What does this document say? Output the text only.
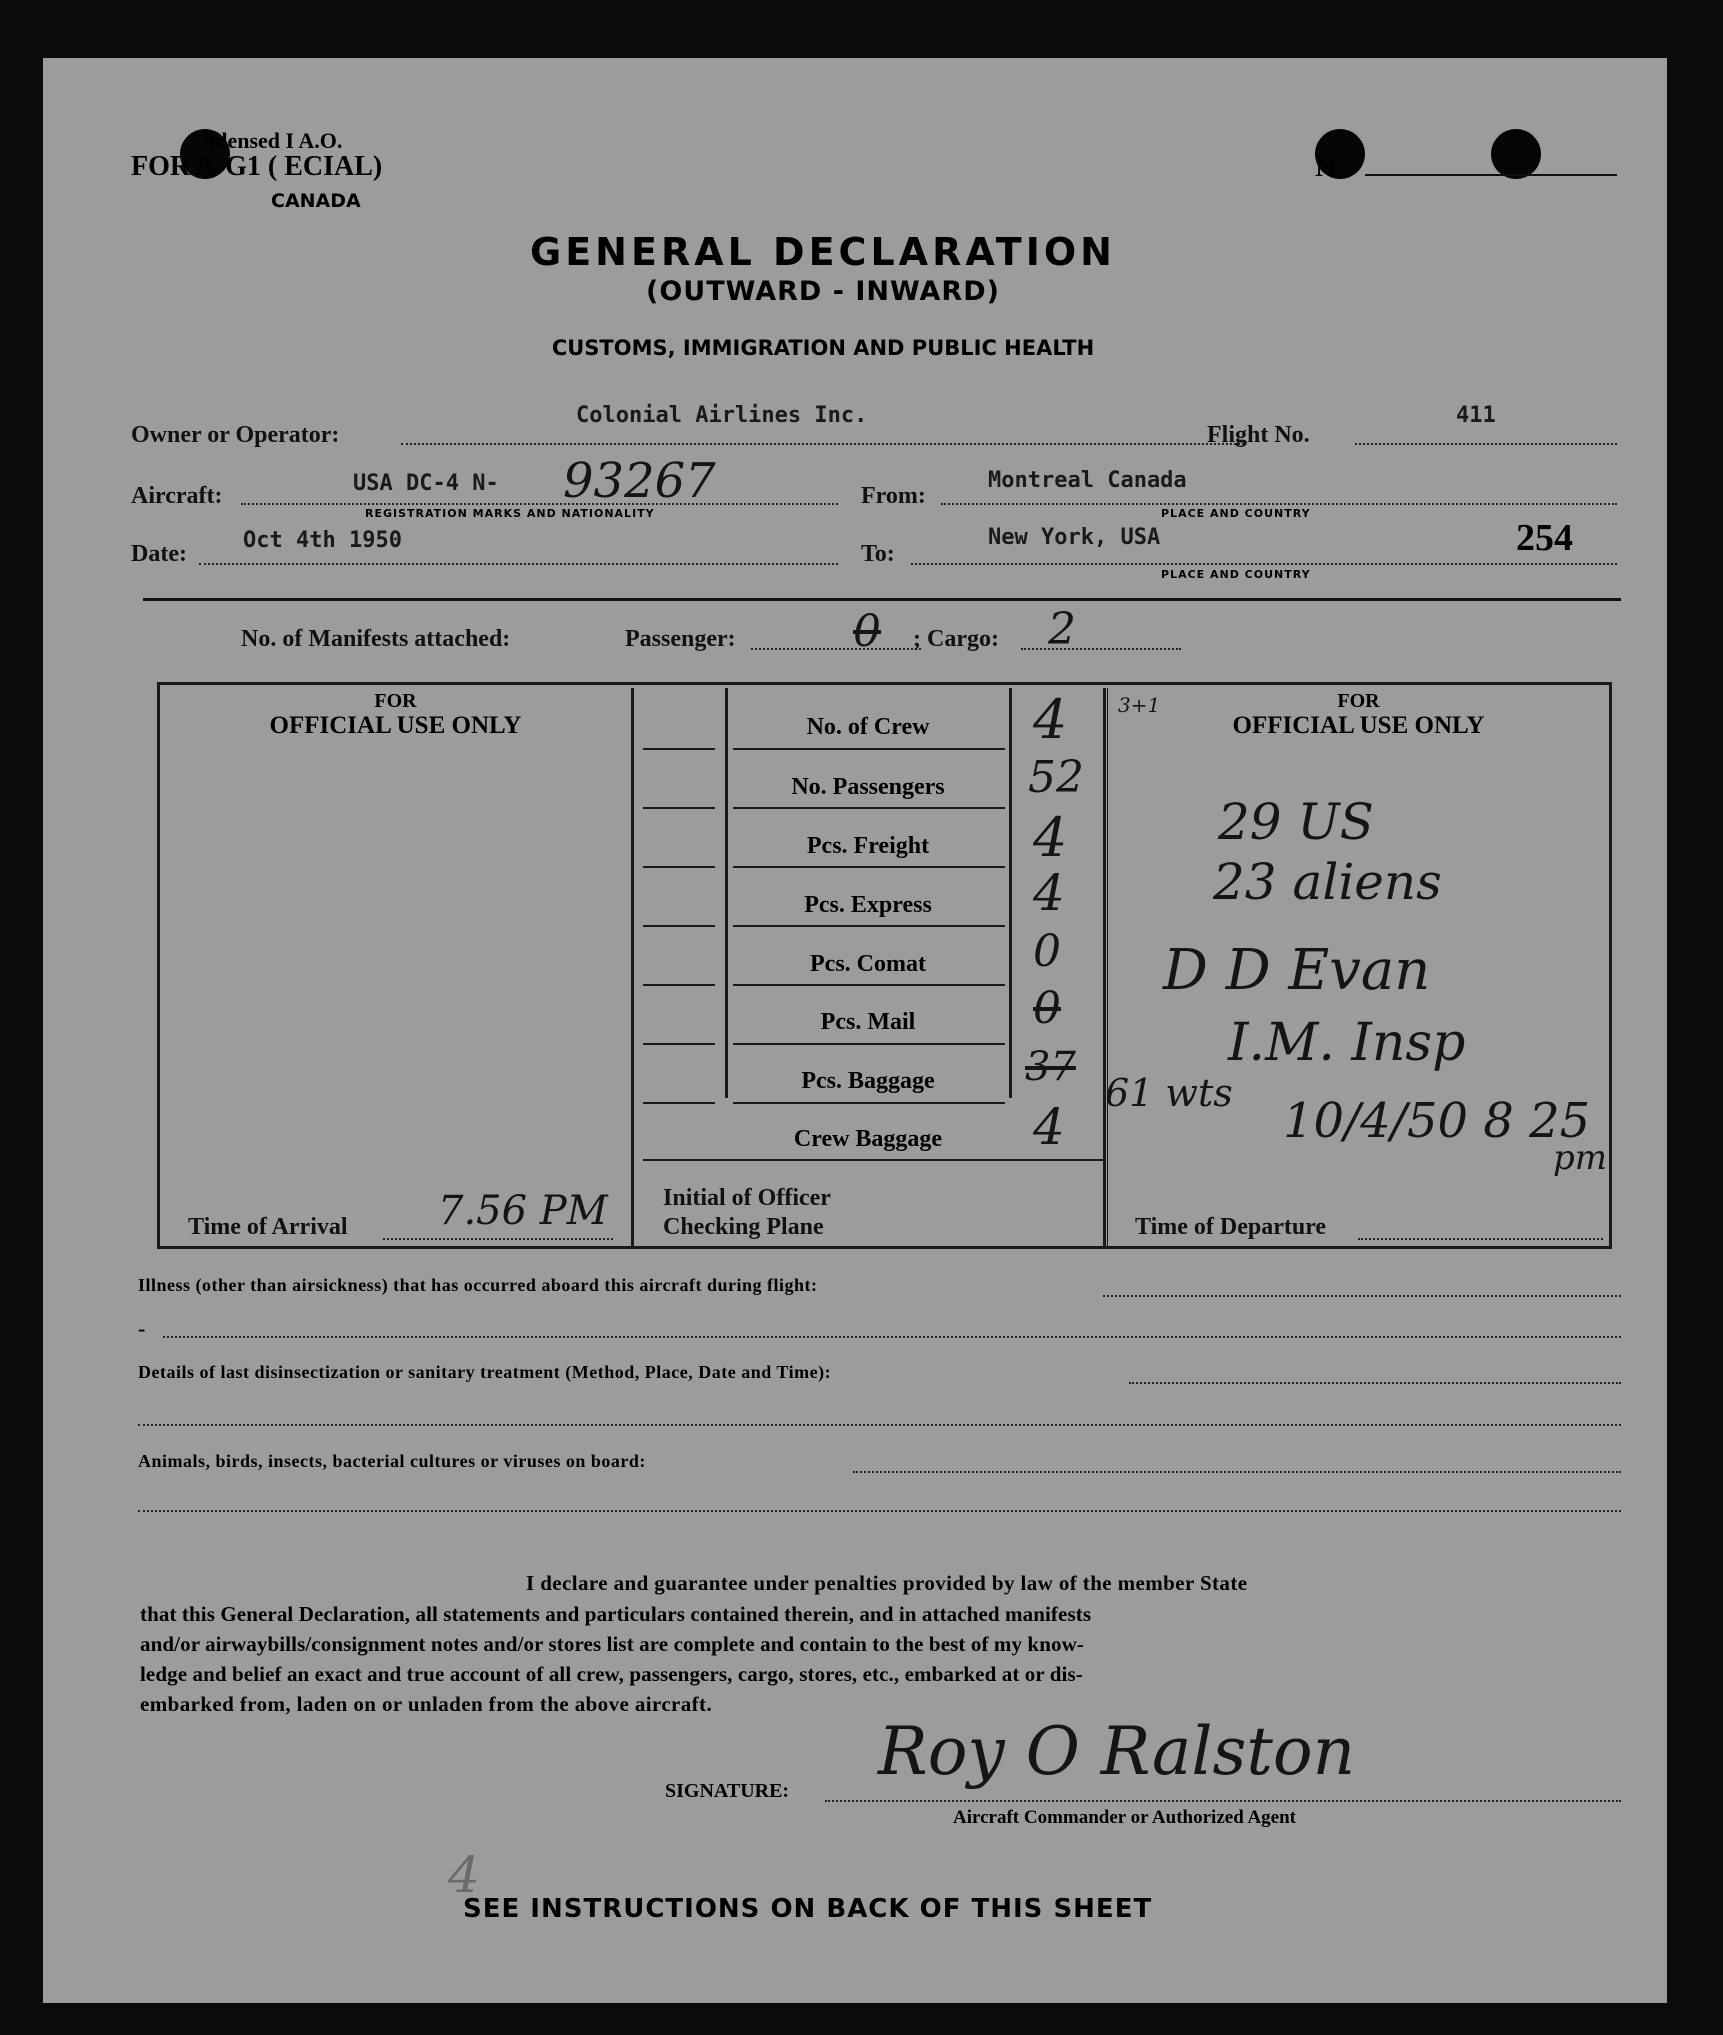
ndensed I A.O.
FOR A-G1 ( ECIAL)
CANADA
N
GENERAL DECLARATION
(OUTWARD - INWARD)
CUSTOMS, IMMIGRATION AND PUBLIC HEALTH
Owner or Operator:
Colonial Airlines Inc.
Flight No.
411
Aircraft:	USA DC-4 N- 93267
REGISTRATION MARKS AND NATIONALITY
From:
Montreal Canada
PLACE AND COUNTRY
Date:
Oct 4th 1950
To:
New York, USA
PLACE AND COUNTRY
254
No. of Manifests attached:	Passenger:	0 ; Cargo: 2
FOR
OFFICIAL USE ONLY
FOR
OFFICIAL USE ONLY
No. of Crew	4
No. Passengers	52
Pcs. Freight	4
Pcs. Express	4
Pcs. Comat	0
Pcs. Mail	0
Pcs. Baggage	37
Crew Baggage	4
3+1
Time of Arrival 7.56 PM Initial of Officer
Checking Plane	Time of Departure
29 US
23 aliens
D D Evan
I.M. Insp
10/4/50 8 25
pm
61 wts
Illness (other than airsickness) that has occurred aboard this aircraft during flight:
-
Details of last disinsectization or sanitary treatment (Method, Place, Date and Time):
Animals, birds, insects, bacterial cultures or viruses on board:
I declare and guarantee under penalties provided by law of the member State
that this General Declaration, all statements and particulars contained therein, and in attached manifests
and/or airwaybills/consignment notes and/or stores list are complete and contain to the best of my know-
ledge and belief an exact and true account of all crew, passengers, cargo, stores, etc., embarked at or dis-
embarked from, laden on or unladen from the above aircraft.
SIGNATURE:
Roy O Ralston
Aircraft Commander or Authorized Agent
4
SEE INSTRUCTIONS ON BACK OF THIS SHEET
